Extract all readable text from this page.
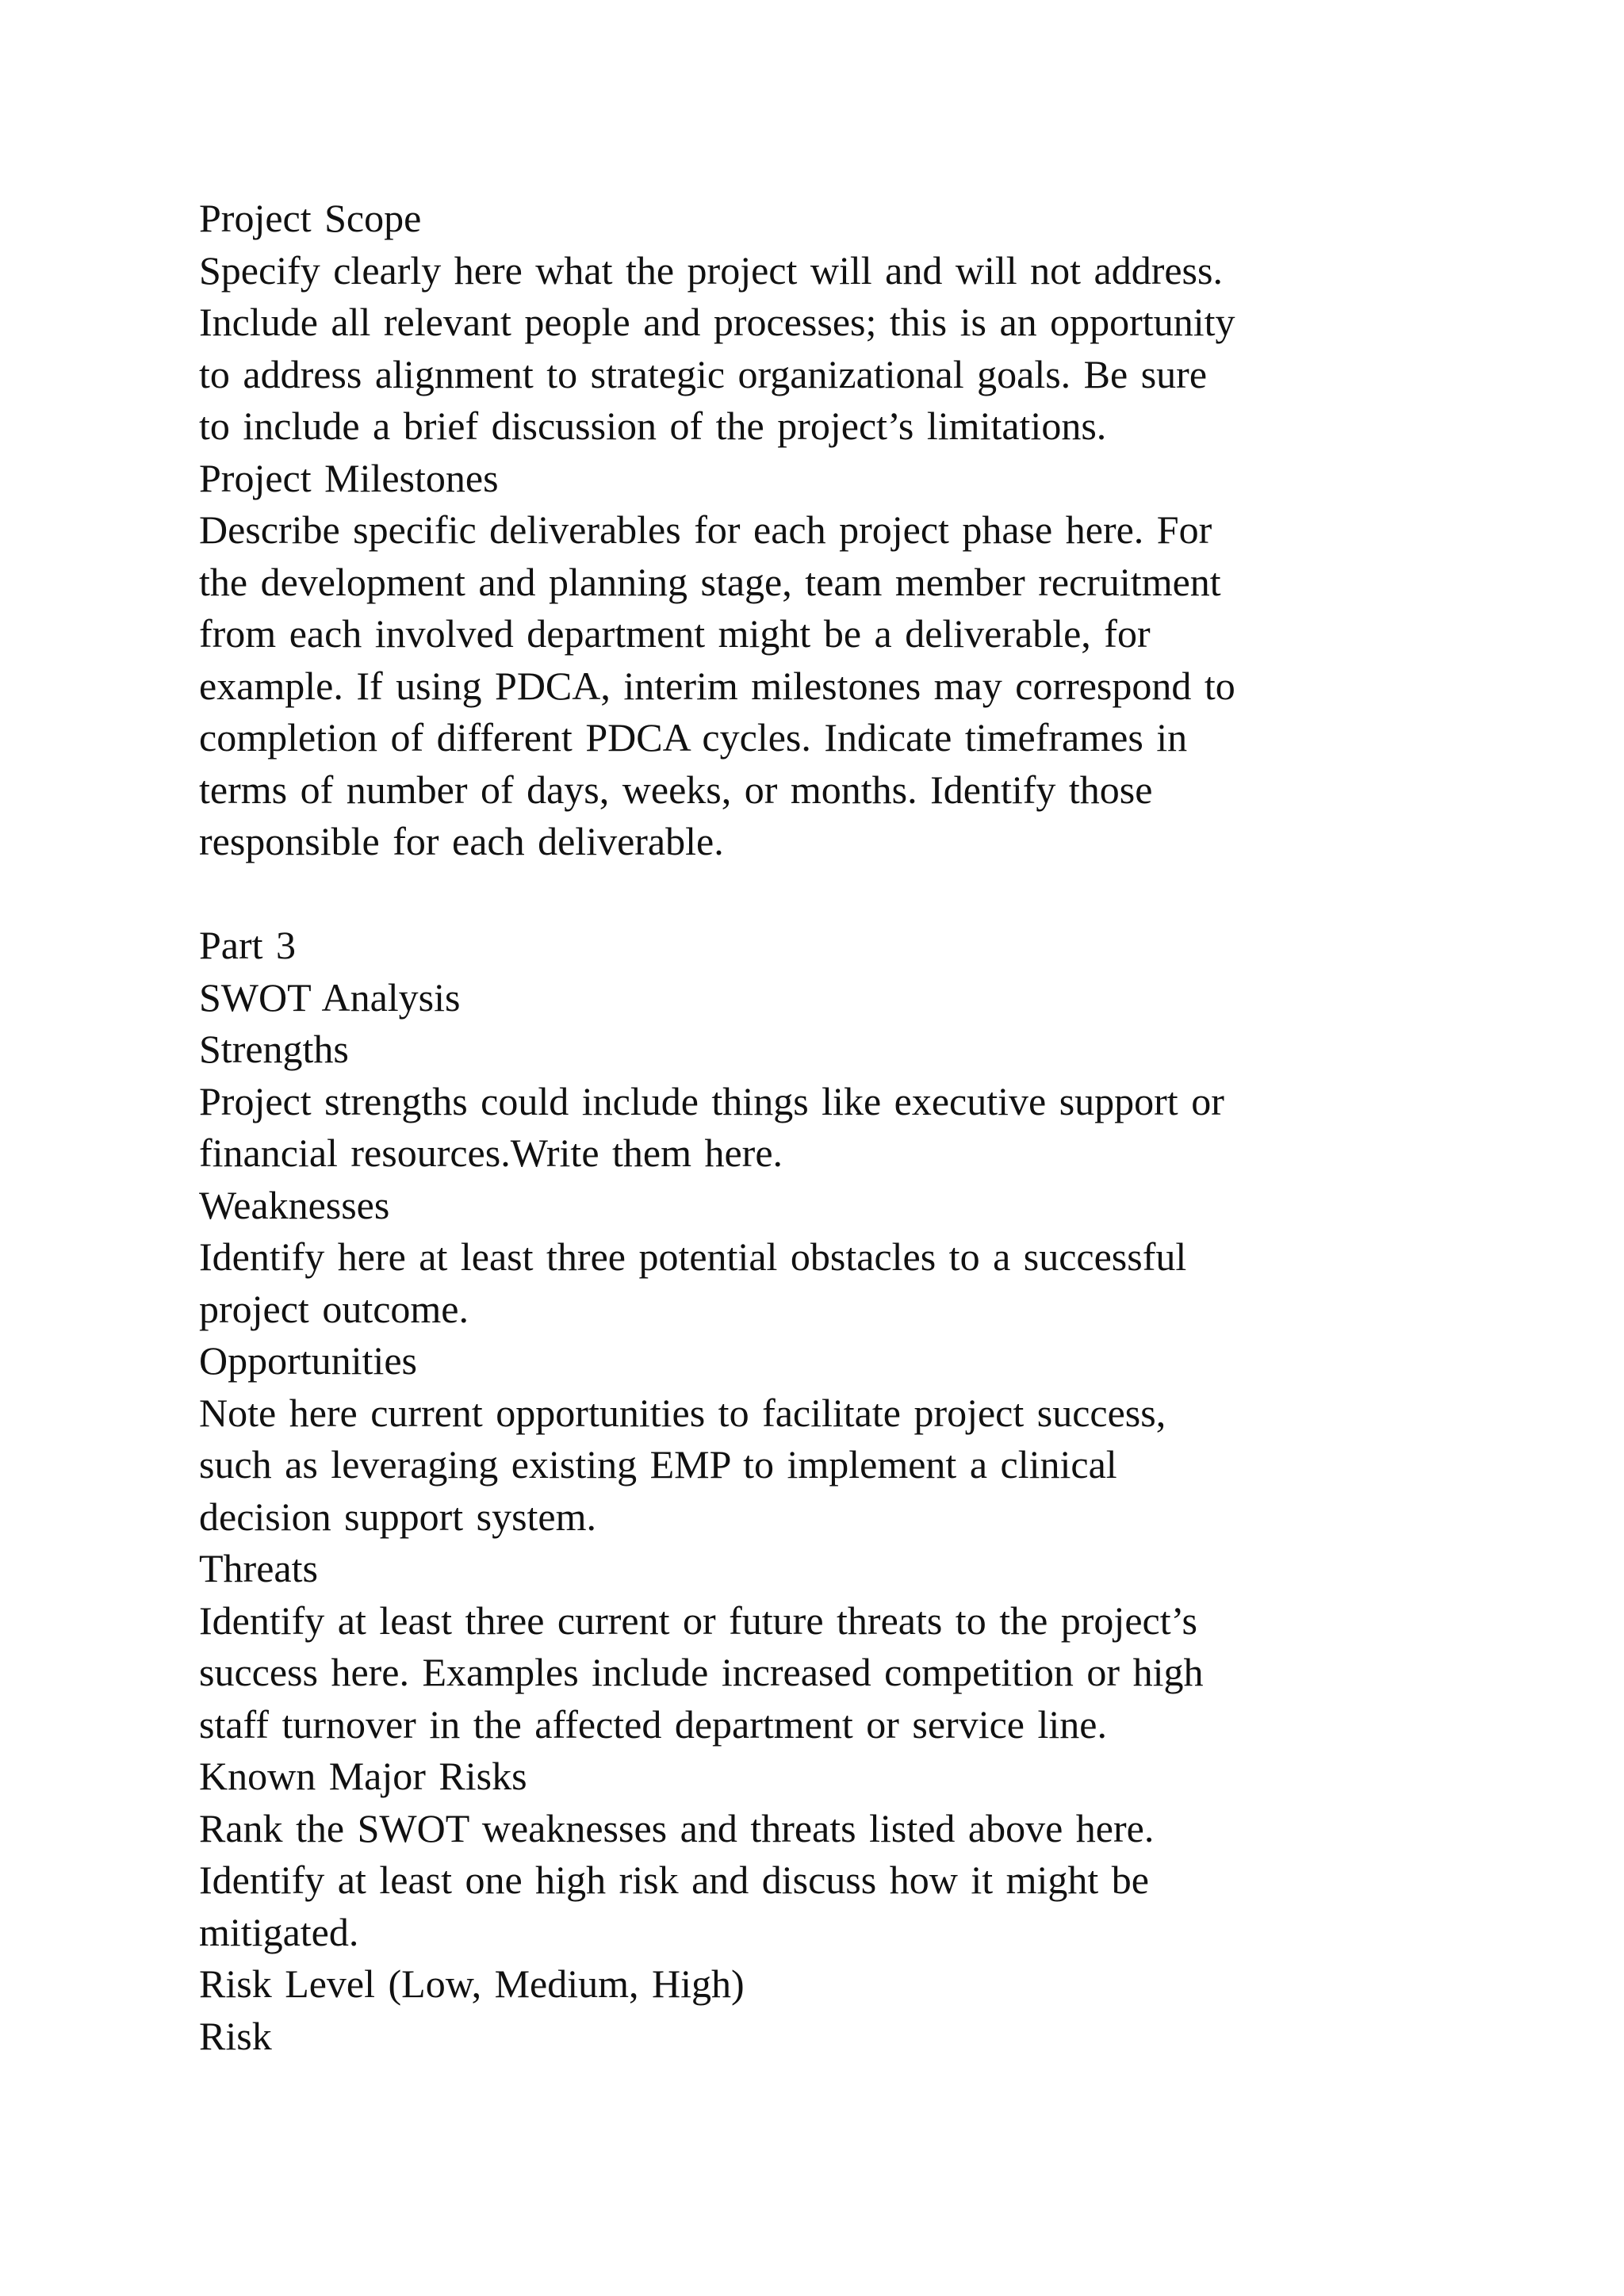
Project Scope
Specify clearly here what the project will and will not address.
Include all relevant people and processes; this is an opportunity
to address alignment to strategic organizational goals. Be sure
to include a brief discussion of the project’s limitations.
Project Milestones
Describe specific deliverables for each project phase here. For
the development and planning stage, team member recruitment
from each involved department might be a deliverable, for
example. If using PDCA, interim milestones may correspond to
completion of different PDCA cycles. Indicate timeframes in
terms of number of days, weeks, or months. Identify those
responsible for each deliverable.
Part 3
SWOT Analysis
Strengths
Project strengths could include things like executive support or
financial resources.Write them here.
Weaknesses
Identify here at least three potential obstacles to a successful
project outcome.
Opportunities
Note here current opportunities to facilitate project success,
such as leveraging existing EMP to implement a clinical
decision support system.
Threats
Identify at least three current or future threats to the project’s
success here. Examples include increased competition or high
staff turnover in the affected department or service line.
Known Major Risks
Rank the SWOT weaknesses and threats listed above here.
Identify at least one high risk and discuss how it might be
mitigated.
Risk Level (Low, Medium, High)
Risk
